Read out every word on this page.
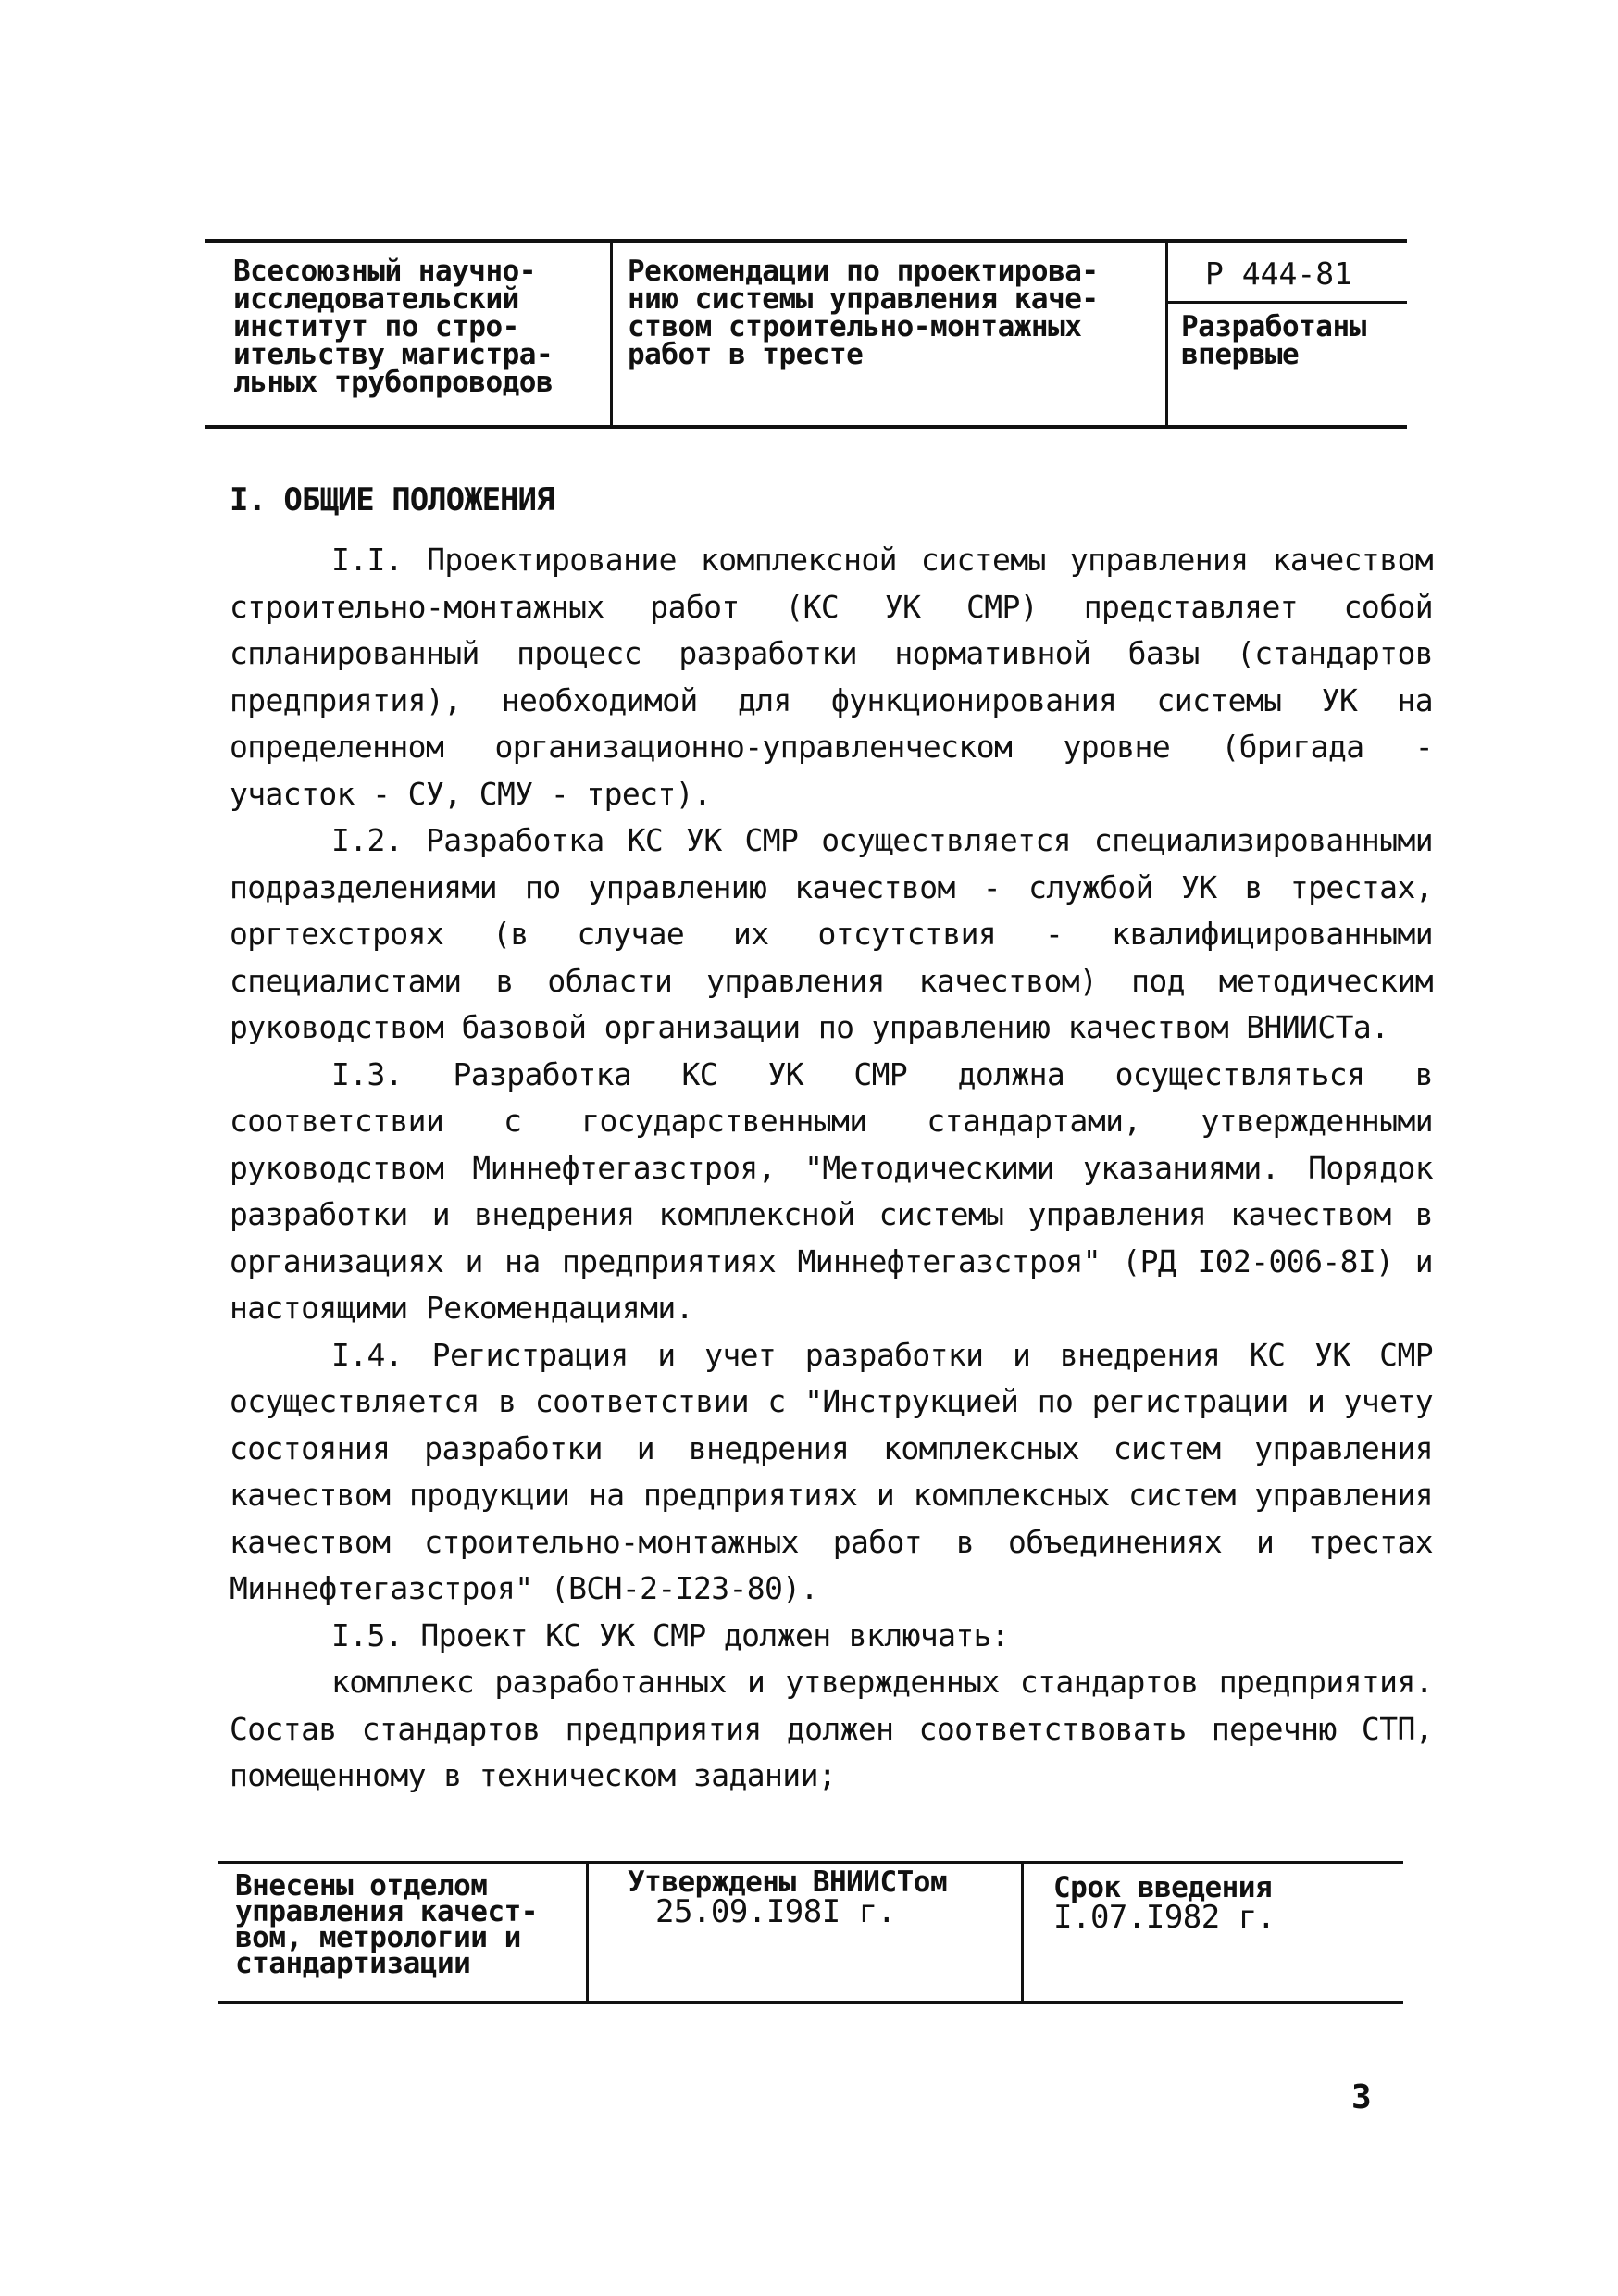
Всесоюзный научно-
исследовательский
институт по стро-
ительству магистра-
льных трубопроводов
Рекомендации по проектирова-
нию системы управления каче-
ством строительно-монтажных
работ в тресте
Р 444-81
Разработаны
впервые
I. ОБЩИЕ ПОЛОЖЕНИЯ

I.I. Проектирование комплексной системы управления качеством строительно-монтажных работ (КС УК СМР) представляет собой спланированный процесс разработки нормативной базы (стандартов предприятия), необходимой для функционирования системы УК на определенном организационно-управленческом уровне (бригада - участок - СУ, СМУ - трест).

I.2. Разработка КС УК СМР осуществляется специализированными подразделениями по управлению качеством - службой УК в трестах, оргтехстроях (в случае их отсутствия - квалифицированными специалистами в области управления качеством) под методическим руководством базовой организации по управлению качеством ВНИИСТа.

I.3. Разработка КС УК СМР должна осуществляться в соответствии с государственными стандартами, утвержденными руководством Миннефтегазстроя, "Методическими указаниями. Порядок разработки и внедрения комплексной системы управления качеством в организациях и на предприятиях Миннефтегазстроя" (РД I02-006-8I) и настоящими Рекомендациями.

I.4. Регистрация и учет разработки и внедрения КС УК СМР осуществляется в соответствии с "Инструкцией по регистрации и учету состояния разработки и внедрения комплексных систем управления качеством продукции на предприятиях и комплексных систем управления качеством строительно-монтажных работ в объединениях и трестах Миннефтегазстроя" (ВСН-2-I23-80).

I.5. Проект КС УК СМР должен включать:

комплекс разработанных и утвержденных стандартов предприятия. Состав стандартов предприятия должен соответствовать перечню СТП, помещенному в техническом задании;

Внесены отделом
управления качест-
вом, метрологии и
стандартизации
Утверждены ВНИИСТом
25.09.I98I г.
Срок введения
I.07.I982 г.
3
